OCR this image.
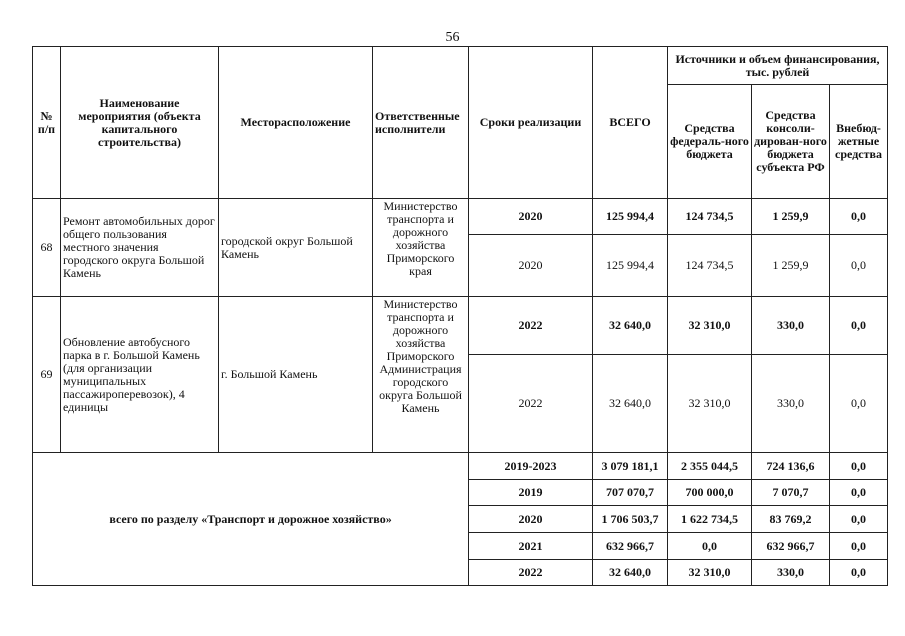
56
№ п/п	Наименование мероприятия (объекта капитального строительства)	Месторасположение	Ответственные исполнители	Сроки реализации	ВСЕГО	Источники и объем финансирования, тыс. рублей		
						Средства федераль-ного бюджета	Средства консоли-дирован-ного бюджета субъекта РФ	Внебюд-жетные средства
68	Ремонт автомобильных дорог общего пользования местного значения городского округа Большой Камень	городской округ Большой Камень	Министерство транспорта и дорожного хозяйства Приморского края	2020	125 994,4	124 734,5	1 259,9	0,0
				2020	125 994,4	124 734,5	1 259,9	0,0
69	Обновление автобусного парка в г. Большой Камень (для организации муниципальных пассажироперевозок), 4 единицы	г. Большой Камень	Министерство транспорта и дорожного хозяйства Приморского Администрация городского округа Большой Камень	2022	32 640,0	32 310,0	330,0	0,0
				2022	32 640,0	32 310,0	330,0	0,0
всего по разделу «Транспорт и дорожное хозяйство»				2019-2023	3 079 181,1	2 355 044,5	724 136,6	0,0
				2019	707 070,7	700 000,0	7 070,7	0,0
				2020	1 706 503,7	1 622 734,5	83 769,2	0,0
				2021	632 966,7	0,0	632 966,7	0,0
				2022	32 640,0	32 310,0	330,0	0,0
